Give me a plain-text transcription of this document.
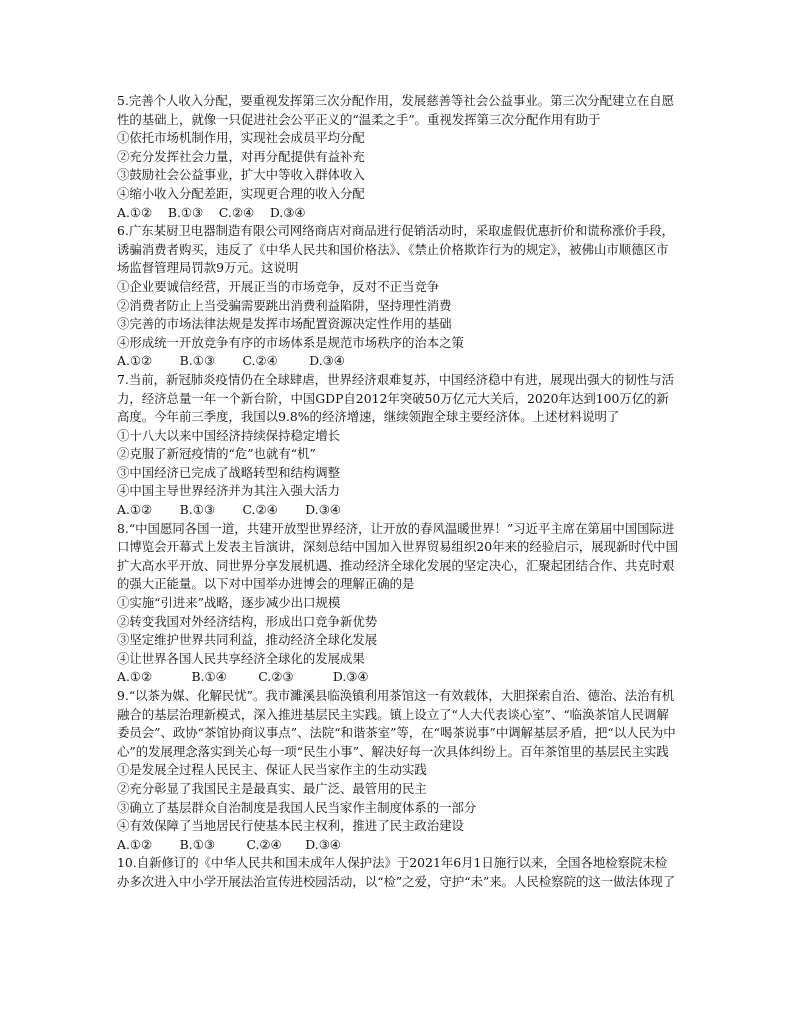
5.完善个人收入分配，要重视发挥第三次分配作用，发展慈善等社会公益事业。第三次分配建立在自愿性的基础上，就像一只促进社会公平正义的“温柔之手”。重视发挥第三次分配作用有助于
①依托市场机制作用，实现社会成员平均分配
②充分发挥社会力量，对再分配提供有益补充
③鼓励社会公益事业，扩大中等收入群体收入
④缩小收入分配差距，实现更合理的收入分配
A.①②    B.①③    C.②④    D.③④
6.广东某厨卫电器制造有限公司网络商店对商品进行促销活动时，采取虚假优惠折价和谎称涨价手段，诱骗消费者购买，违反了《中华人民共和国价格法》、《禁止价格欺诈行为的规定》，被佛山市顺德区市场监督管理局罚款9万元。这说明
①企业要诚信经营，开展正当的市场竞争，反对不正当竞争
②消费者防止上当受骗需要跳出消费利益陷阱，坚持理性消费
③完善的市场法律法规是发挥市场配置资源决定性作用的基础
④形成统一开放竞争有序的市场体系是规范市场秩序的治本之策
A.①②       B.①③       C.②④        D.③④
7.当前，新冠肺炎疫情仍在全球肆虐，世界经济艰难复苏，中国经济稳中有进，展现出强大的韧性与活力，经济总量一年一个新台阶，中国GDP自2012年突破50万亿元大关后，2020年达到100万亿的新高度。今年前三季度，我国以9.8%的经济增速，继续领跑全球主要经济体。上述材料说明了
①十八大以来中国经济持续保持稳定增长
②克服了新冠疫情的“危”也就有“机”
③中国经济已完成了战略转型和结构调整
④中国主导世界经济并为其注入强大活力
A.①②       B.①③       C.②④       D.③④
8.“中国愿同各国一道，共建开放型世界经济，让开放的春风温暖世界！”习近平主席在第届中国国际进口博览会开幕式上发表主旨演讲，深刻总结中国加入世界贸易组织20年来的经验启示，展现新时代中国扩大高水平开放、同世界分享发展机遇、推动经济全球化发展的坚定决心，汇聚起团结合作、共克时艰的强大正能量。以下对中国举办进博会的理解正确的是
①实施“引进来”战略，逐步减少出口规模
②转变我国对外经济结构，形成出口竞争新优势
③坚定维护世界共同利益，推动经济全球化发展
④让世界各国人民共享经济全球化的发展成果
A.①②          B.①④        C.②③          D.③④
9.“以茶为媒、化解民忧”。我市濉溪县临涣镇利用茶馆这一有效载体，大胆探索自治、德治、法治有机融合的基层治理新模式，深入推进基层民主实践。镇上设立了“人大代表谈心室”、“临涣茶馆人民调解委员会”、政协“茶馆协商议事点”、法院“和谐茶室”等，在“喝茶说事”中调解基层矛盾，把“以人民为中心”的发展理念落实到关心每一项“民生小事”、解决好每一次具体纠纷上。百年茶馆里的基层民主实践
①是发展全过程人民民主、保证人民当家作主的生动实践
②充分彰显了我国民主是最真实、最广泛、最管用的民主
③确立了基层群众自治制度是我国人民当家作主制度体系的一部分
④有效保障了当地居民行使基本民主权利，推进了民主政治建设
A.①②       B.①③        C.②④      D.③④
10.自新修订的《中华人民共和国未成年人保护法》于2021年6月1日施行以来，全国各地检察院未检办多次进入中小学开展法治宣传进校园活动，以“检”之爱，守护“未”来。人民检察院的这一做法体现了
